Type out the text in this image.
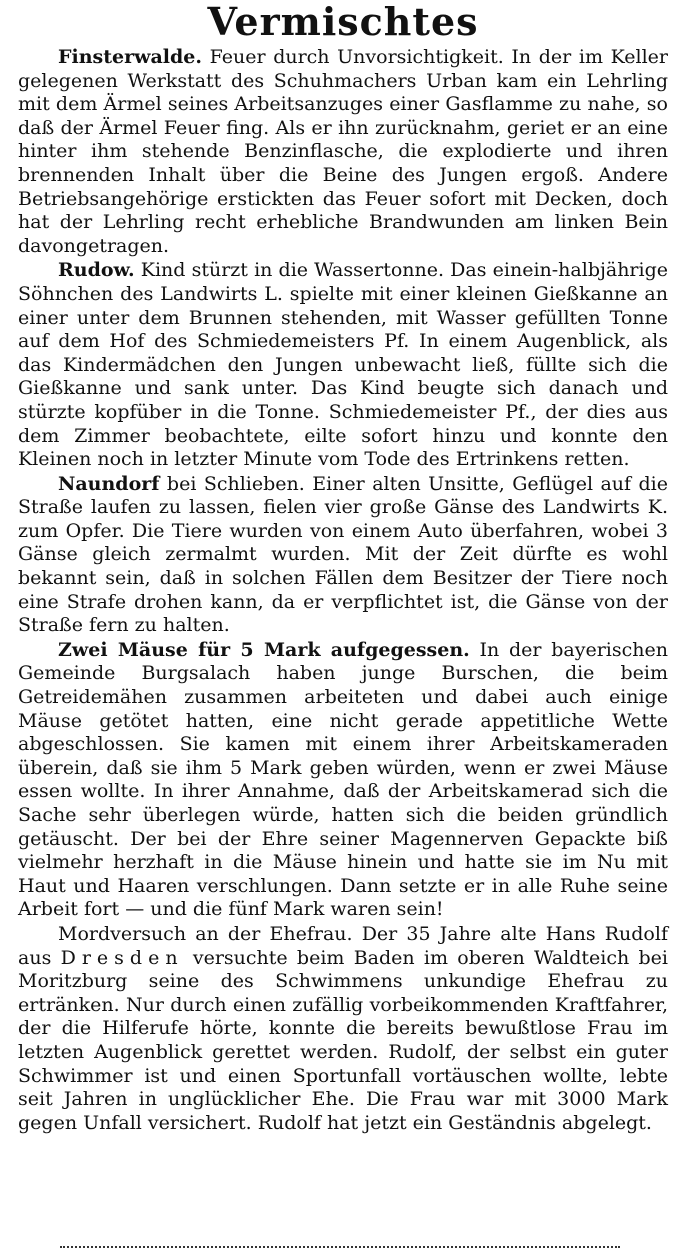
Vermischtes

Finsterwalde. Feuer durch Unvorsichtigkeit. In der im Keller gelegenen Werkstatt des Schuhmachers Urban kam ein Lehrling mit dem Ärmel seines Arbeitsanzuges einer Gasflamme zu nahe, so daß der Ärmel Feuer fing. Als er ihn zurücknahm, geriet er an eine hinter ihm stehende Benzinflasche, die explodierte und ihren brennenden Inhalt über die Beine des Jungen ergoß. Andere Betriebsangehörige erstickten das Feuer sofort mit Decken, doch hat der Lehrling recht erhebliche Brandwunden am linken Bein davongetragen.

Rudow. Kind stürzt in die Wassertonne. Das einein-halbjährige Söhnchen des Landwirts L. spielte mit einer kleinen Gießkanne an einer unter dem Brunnen stehenden, mit Wasser gefüllten Tonne auf dem Hof des Schmiedemeisters Pf. In einem Augenblick, als das Kindermädchen den Jungen unbewacht ließ, füllte sich die Gießkanne und sank unter. Das Kind beugte sich danach und stürzte kopfüber in die Tonne. Schmiedemeister Pf., der dies aus dem Zimmer beobachtete, eilte sofort hinzu und konnte den Kleinen noch in letzter Minute vom Tode des Ertrinkens retten.

Naundorf bei Schlieben. Einer alten Unsitte, Geflügel auf die Straße laufen zu lassen, fielen vier große Gänse des Landwirts K. zum Opfer. Die Tiere wurden von einem Auto überfahren, wobei 3 Gänse gleich zermalmt wurden. Mit der Zeit dürfte es wohl bekannt sein, daß in solchen Fällen dem Besitzer der Tiere noch eine Strafe drohen kann, da er verpflichtet ist, die Gänse von der Straße fern zu halten.

Zwei Mäuse für 5 Mark aufgegessen. In der bayerischen Gemeinde Burgsalach haben junge Burschen, die beim Getreidemähen zusammen arbeiteten und dabei auch einige Mäuse getötet hatten, eine nicht gerade appetitliche Wette abgeschlossen. Sie kamen mit einem ihrer Arbeitskameraden überein, daß sie ihm 5 Mark geben würden, wenn er zwei Mäuse essen wollte. In ihrer Annahme, daß der Arbeitskamerad sich die Sache sehr überlegen würde, hatten sich die beiden gründlich getäuscht. Der bei der Ehre seiner Magennerven Gepackte biß vielmehr herzhaft in die Mäuse hinein und hatte sie im Nu mit Haut und Haaren verschlungen. Dann setzte er in alle Ruhe seine Arbeit fort — und die fünf Mark waren sein!

Mordversuch an der Ehefrau. Der 35 Jahre alte Hans Rudolf aus Dresden versuchte beim Baden im oberen Waldteich bei Moritzburg seine des Schwimmens unkundige Ehefrau zu ertränken. Nur durch einen zufällig vorbeikommenden Kraftfahrer, der die Hilferufe hörte, konnte die bereits bewußtlose Frau im letzten Augenblick gerettet werden. Rudolf, der selbst ein guter Schwimmer ist und einen Sportunfall vortäuschen wollte, lebte seit Jahren in unglücklicher Ehe. Die Frau war mit 3000 Mark gegen Unfall versichert. Rudolf hat jetzt ein Geständnis abgelegt.
